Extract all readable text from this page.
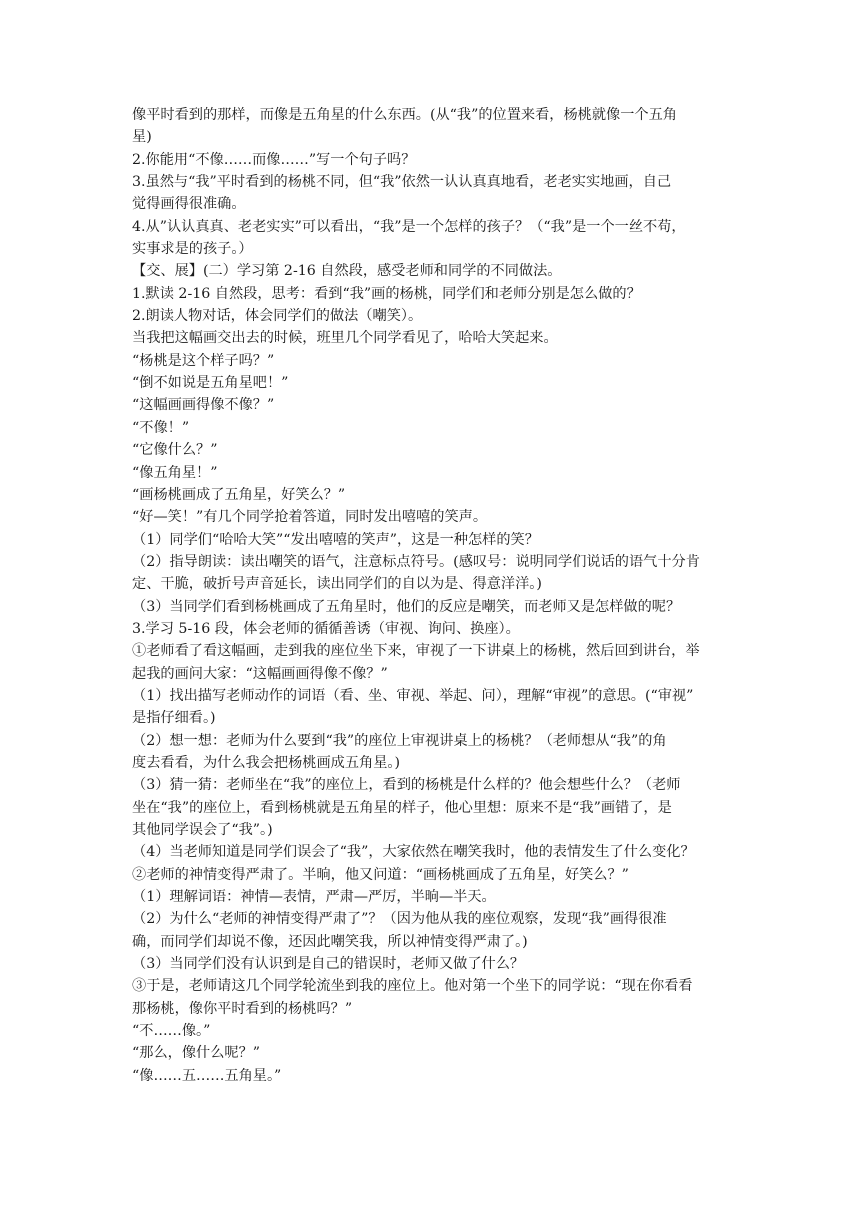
像平时看到的那样，而像是五角星的什么东西。(从“我”的位置来看，杨桃就像一个五角
星)
2.你能用“不像……而像……”写一个句子吗？
3.虽然与“我”平时看到的杨桃不同，但“我”依然一认认真真地看，老老实实地画，自己
觉得画得很准确。
4.从”认认真真、老老实实”可以看出，“我”是一个怎样的孩子？（“我”是一个一丝不苟，
实事求是的孩子。）
【交、展】(二）学习第 2-16 自然段，感受老师和同学的不同做法。
1.默读 2-16 自然段，思考：看到“我”画的杨桃，同学们和老师分别是怎么做的？
2.朗读人物对话，体会同学们的做法（嘲笑）。
当我把这幅画交出去的时候，班里几个同学看见了，哈哈大笑起来。
“杨桃是这个样子吗？”
“倒不如说是五角星吧！”
“这幅画画得像不像？”
“不像！”
“它像什么？”
“像五角星！”
“画杨桃画成了五角星，好笑么？”
“好—笑！”有几个同学抢着答道，同时发出嘻嘻的笑声。
（1）同学们“哈哈大笑”“发出嘻嘻的笑声”，这是一种怎样的笑？
（2）指导朗读：读出嘲笑的语气，注意标点符号。(感叹号：说明同学们说话的语气十分肯
定、干脆，破折号声音延长，读出同学们的自以为是、得意洋洋。)
（3）当同学们看到杨桃画成了五角星时，他们的反应是嘲笑，而老师又是怎样做的呢？
3.学习 5-16 段，体会老师的循循善诱（审视、询问、换座）。
①老师看了看这幅画，走到我的座位坐下来，审视了一下讲桌上的杨桃，然后回到讲台，举
起我的画问大家：“这幅画画得像不像？”
（1）找出描写老师动作的词语（看、坐、审视、举起、问），理解“审视”的意思。(“审视”
是指仔细看。)
（2）想一想：老师为什么要到“我”的座位上审视讲桌上的杨桃？（老师想从“我”的角
度去看看，为什么我会把杨桃画成五角星。)
（3）猜一猜：老师坐在“我”的座位上，看到的杨桃是什么样的？他会想些什么？（老师
坐在“我”的座位上，看到杨桃就是五角星的样子，他心里想：原来不是“我”画错了，是
其他同学误会了“我”。)
（4）当老师知道是同学们误会了“我”，大家依然在嘲笑我时，他的表情发生了什么变化？
②老师的神情变得严肃了。半晌，他又问道：“画杨桃画成了五角星，好笑么？”
（1）理解词语：神情—表情，严肃—严厉，半晌—半天。
（2）为什么“老师的神情变得严肃了”？（因为他从我的座位观察，发现“我”画得很准
确，而同学们却说不像，还因此嘲笑我，所以神情变得严肃了。)
（3）当同学们没有认识到是自己的错误时，老师又做了什么？
③于是，老师请这几个同学轮流坐到我的座位上。他对第一个坐下的同学说：“现在你看看
那杨桃，像你平时看到的杨桃吗？”
“不……像。”
“那么，像什么呢？”
“像……五……五角星。”
